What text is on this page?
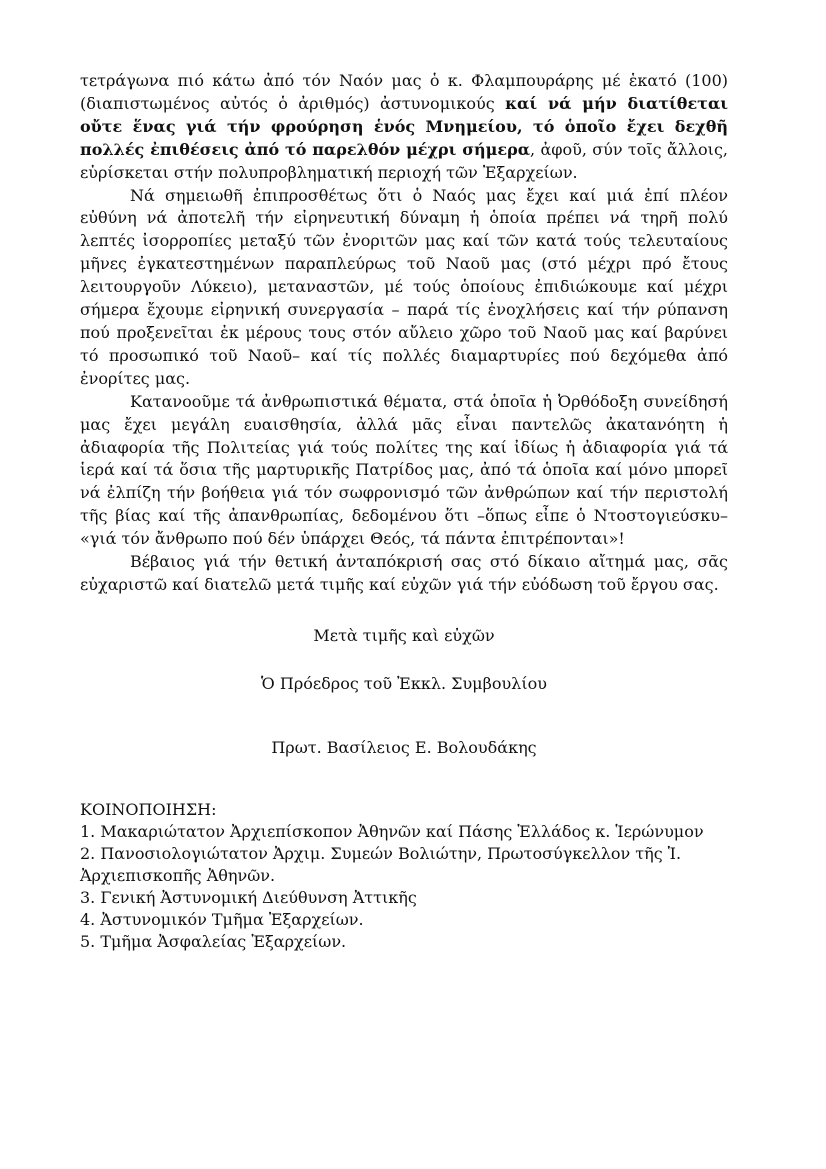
τετράγωνα πιό κάτω ἀπό τόν Ναόν μας ὁ κ. Φλαμπουράρης μέ ἑκατό (100) (διαπιστωμένος αὐτός ὁ ἀριθμός) ἀστυνομικούς καί νά μήν διατίθεται οὔτε ἕνας γιά τήν φρούρηση ἑνός Μνημείου, τό ὁποῖο ἔχει δεχθῆ πολλές ἐπιθέσεις ἀπό τό παρελθόν μέχρι σήμερα, ἀφοῦ, σύν τοῖς ἄλλοις, εὑρίσκεται στήν πολυπροβληματική περιοχή τῶν Ἐξαρχείων.

Νά σημειωθῆ ἐπιπροσθέτως ὅτι ὁ Ναός μας ἔχει καί μιά ἐπί πλέον εὐθύνη νά ἀποτελῆ τήν εἰρηνευτική δύναμη ἡ ὁποία πρέπει νά τηρῆ πολύ λεπτές ἰσορροπίες μεταξύ τῶν ἐνοριτῶν μας καί τῶν κατά τούς τελευταίους μῆνες ἐγκατεστημένων παραπλεύρως τοῦ Ναοῦ μας (στό μέχρι πρό ἔτους λειτουργοῦν Λύκειο), μεταναστῶν, μέ τούς ὁποίους ἐπιδιώκουμε καί μέχρι σήμερα ἔχουμε εἰρηνική συνεργασία – παρά τίς ἐνοχλήσεις καί τήν ρύπανση πού προξενεῖται ἐκ μέρους τους στόν αὔλειο χῶρο τοῦ Ναοῦ μας καί βαρύνει τό προσωπικό τοῦ Ναοῦ– καί τίς πολλές διαμαρτυρίες πού δεχόμεθα ἀπό ἐνορίτες μας.

Κατανοοῦμε τά ἀνθρωπιστικά θέματα, στά ὁποῖα ἡ Ὀρθόδοξη συνείδησή μας ἔχει μεγάλη ευαισθησία, ἀλλά μᾶς εἶναι παντελῶς ἀκατανόητη ἡ ἀδιαφορία τῆς Πολιτείας γιά τούς πολίτες της καί ἰδίως ἡ ἀδιαφορία γιά τά ἱερά καί τά ὅσια τῆς μαρτυρικῆς Πατρίδος μας, ἀπό τά ὁποῖα καί μόνο μπορεῖ νά ἐλπίζη τήν βοήθεια γιά τόν σωφρονισμό τῶν ἀνθρώπων καί τήν περιστολή τῆς βίας καί τῆς ἀπανθρωπίας, δεδομένου ὅτι –ὅπως εἶπε ὁ Ντοστογιεύσκυ– «γιά τόν ἄνθρωπο πού δέν ὑπάρχει Θεός, τά πάντα ἐπιτρέπονται»!

Βέβαιος γιά τήν θετική ἀνταπόκρισή σας στό δίκαιο αἴτημά μας, σᾶς εὐχαριστῶ καί διατελῶ μετά τιμῆς καί εὐχῶν γιά τήν εὐόδωση τοῦ ἔργου σας.

Μετὰ τιμῆς καὶ εὐχῶν

Ὁ Πρόεδρος τοῦ Ἐκκλ. Συμβουλίου

Πρωτ. Βασίλειος Ε. Βολουδάκης

ΚΟΙΝΟΠΟΙΗΣΗ:

1. Μακαριώτατον Ἀρχιεπίσκοπον Ἀθηνῶν καί Πάσης Ἑλλάδος κ. Ἱερώνυμον
2. Πανοσιολογιώτατον Ἀρχιμ. Συμεών Βολιώτην, Πρωτοσύγκελλον τῆς Ἱ. Ἀρχιεπισκοπῆς Ἀθηνῶν.
3. Γενική Ἀστυνομική Διεύθυνση Ἀττικῆς
4. Ἀστυνομικόν Τμῆμα Ἐξαρχείων.
5. Τμῆμα Ἀσφαλείας Ἐξαρχείων.
